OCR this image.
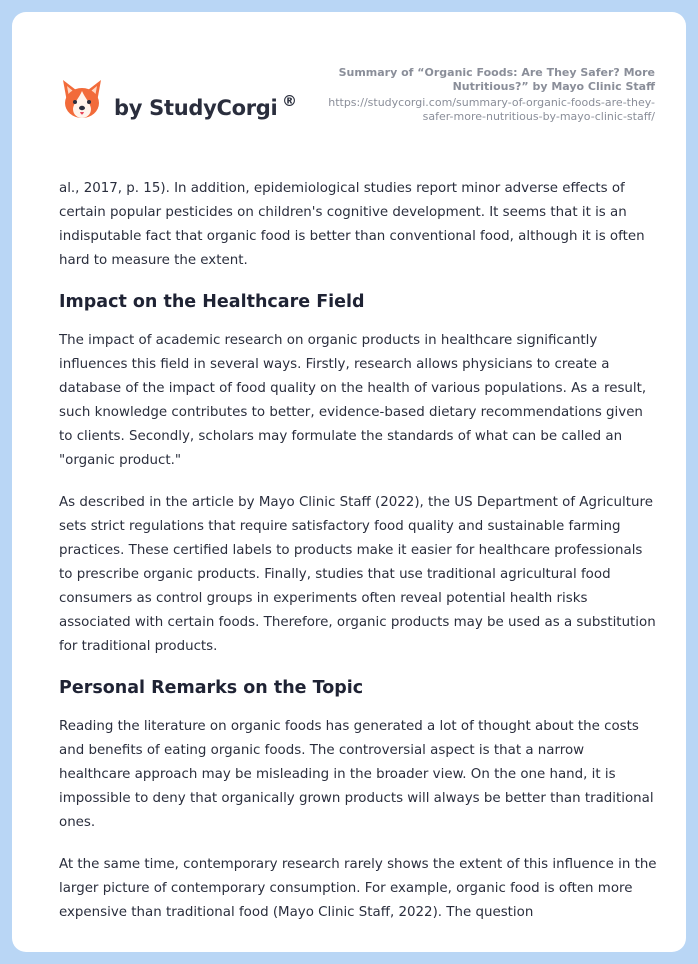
by StudyCorgi ®
Summary of “Organic Foods: Are They Safer? More Nutritious?” by Mayo Clinic Staff
https://studycorgi.com/summary-of-organic-foods-are-they-safer-more-nutritious-by-mayo-clinic-staff/

al., 2017, p. 15). In addition, epidemiological studies report minor adverse effects of certain popular pesticides on children's cognitive development. It seems that it is an indisputable fact that organic food is better than conventional food, although it is often hard to measure the extent.

Impact on the Healthcare Field

The impact of academic research on organic products in healthcare significantly influences this field in several ways. Firstly, research allows physicians to create a database of the impact of food quality on the health of various populations. As a result, such knowledge contributes to better, evidence-based dietary recommendations given to clients. Secondly, scholars may formulate the standards of what can be called an "organic product."

As described in the article by Mayo Clinic Staff (2022), the US Department of Agriculture sets strict regulations that require satisfactory food quality and sustainable farming practices. These certified labels to products make it easier for healthcare professionals to prescribe organic products. Finally, studies that use traditional agricultural food consumers as control groups in experiments often reveal potential health risks associated with certain foods. Therefore, organic products may be used as a substitution for traditional products.

Personal Remarks on the Topic

Reading the literature on organic foods has generated a lot of thought about the costs and benefits of eating organic foods. The controversial aspect is that a narrow healthcare approach may be misleading in the broader view. On the one hand, it is impossible to deny that organically grown products will always be better than traditional ones.

At the same time, contemporary research rarely shows the extent of this influence in the larger picture of contemporary consumption. For example, organic food is often more expensive than traditional food (Mayo Clinic Staff, 2022). The question
